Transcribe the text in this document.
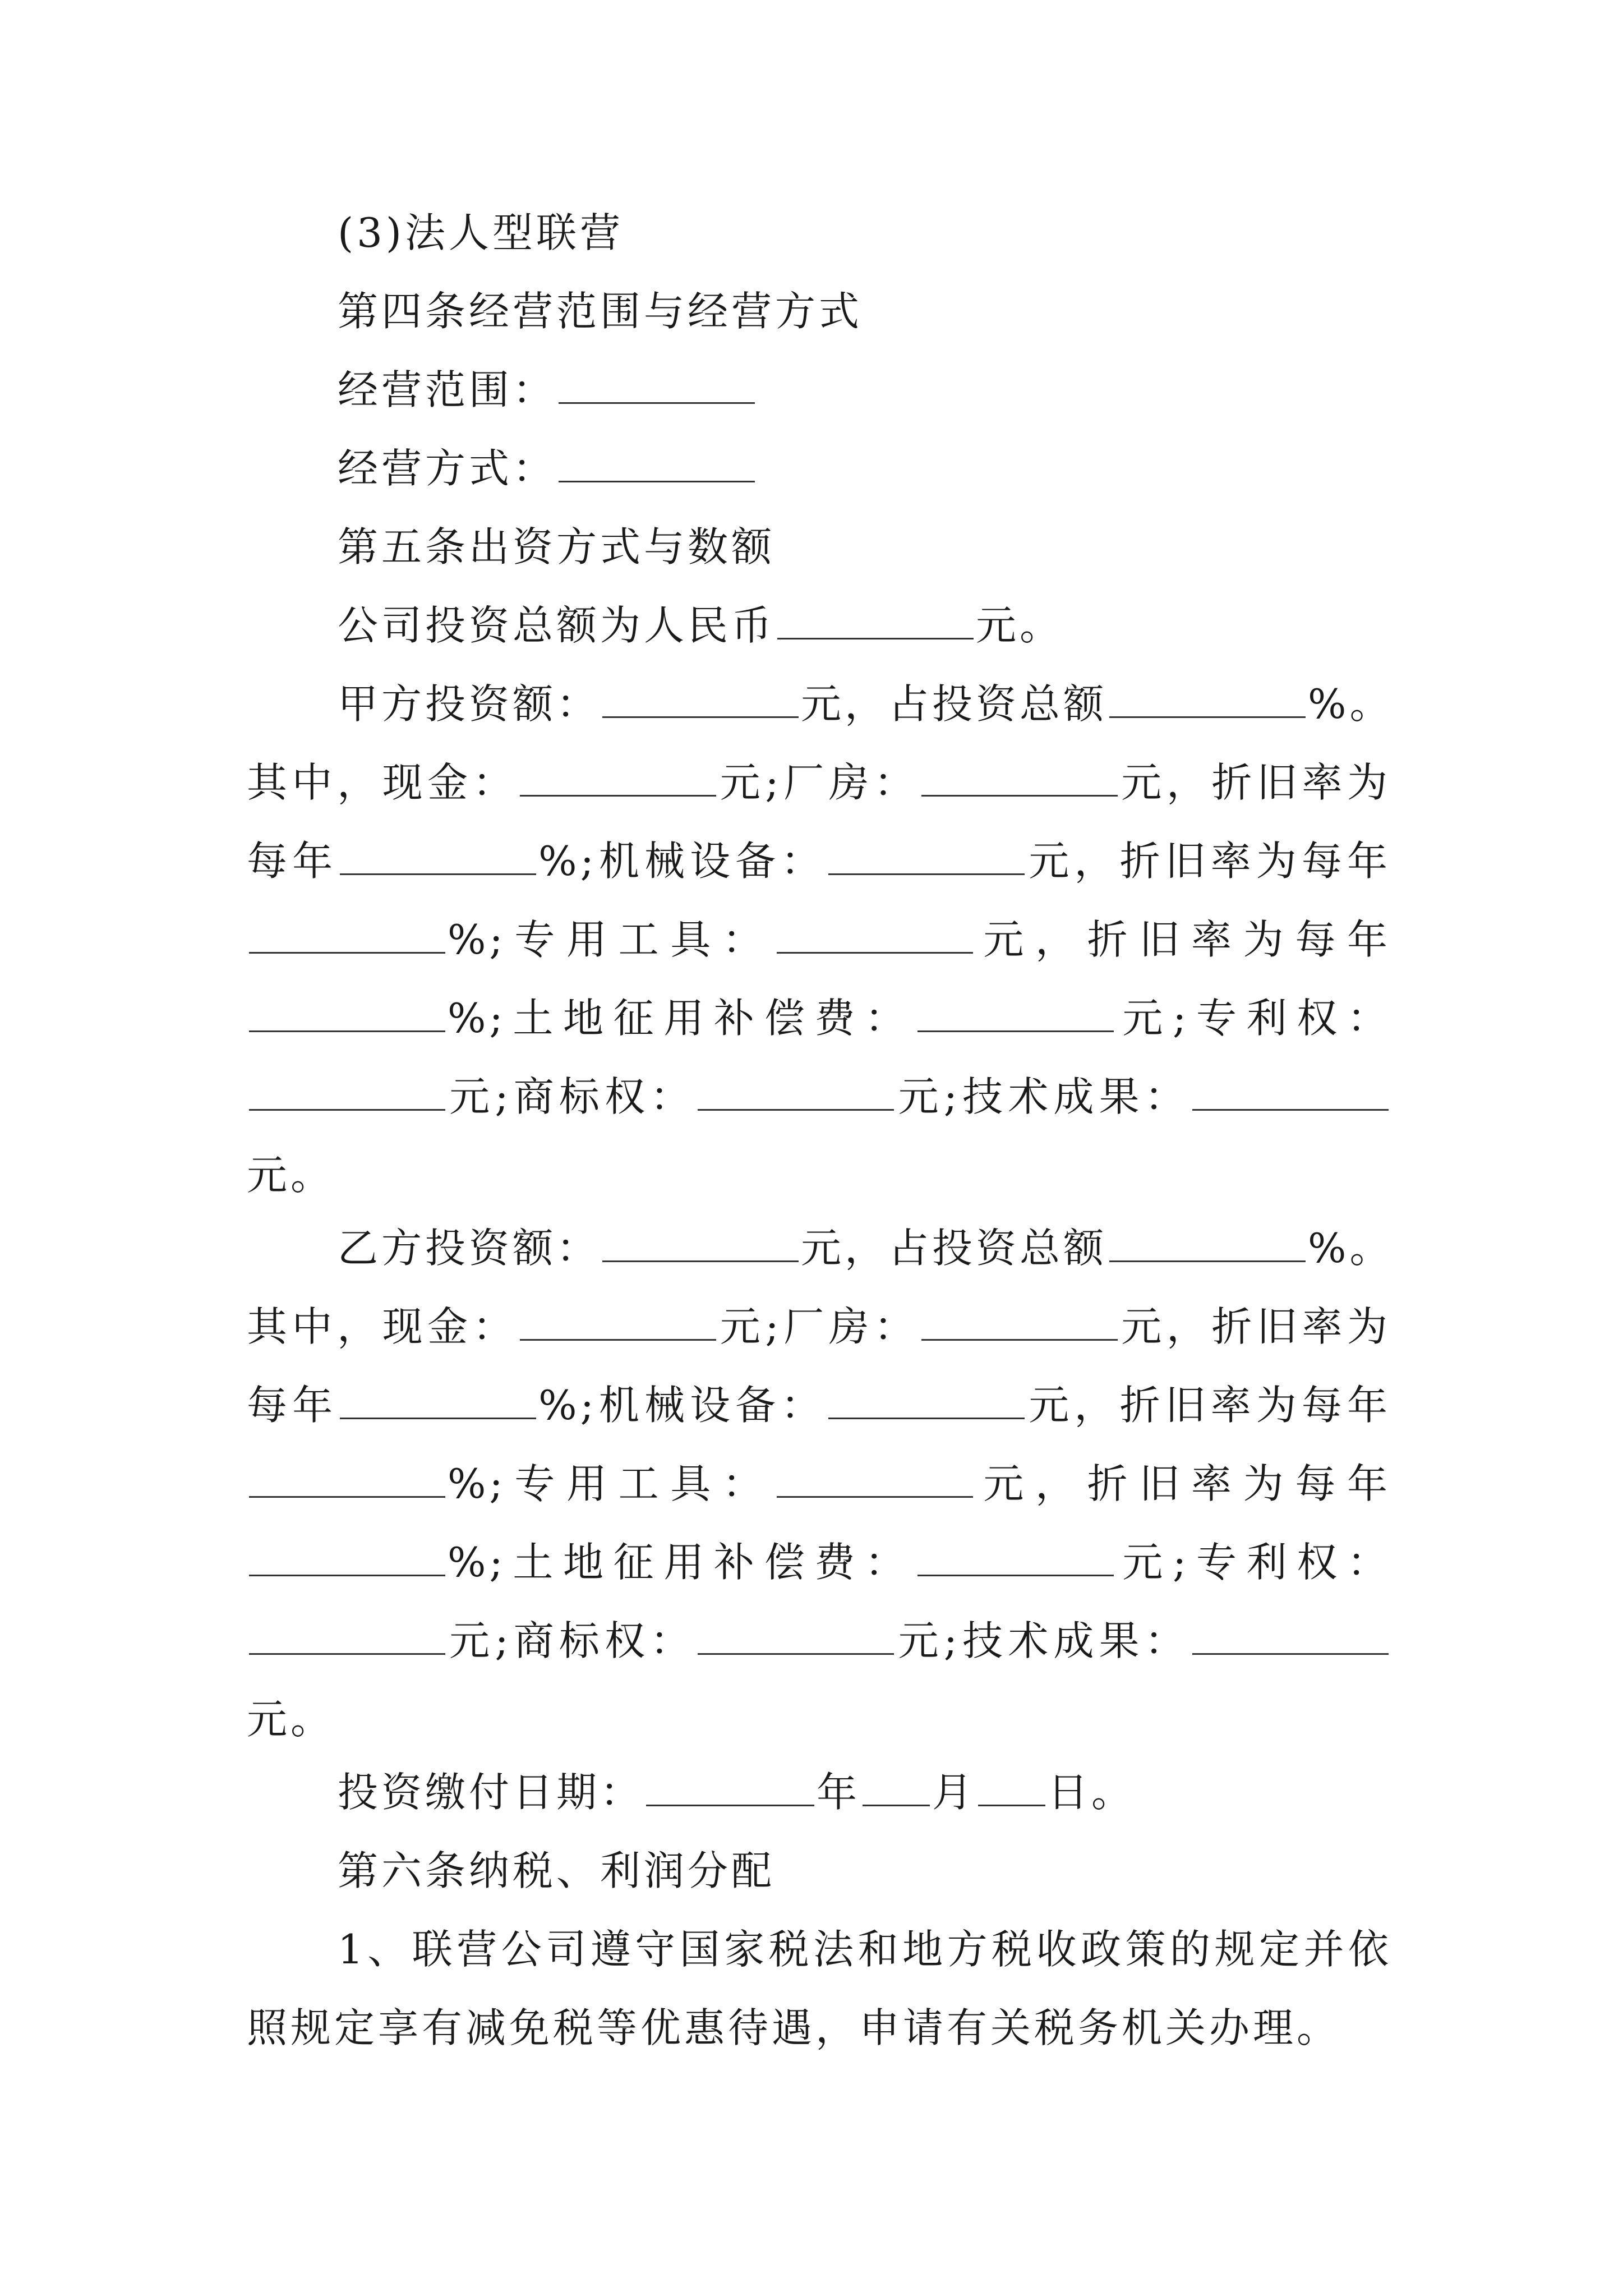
(3)法人型联营
第四条经营范围与经营方式
经营范围：
经营方式：
第五条出资方式与数额
公司投资总额为人民币	元。
甲方投资额：	元，占投资总额	%。
其中，现金：	元;厂房：	元，折旧率为
每年	%;机械设备：	元，折旧率为每年
%;专用工具：	元，折旧率为每年
%;土地征用补偿费：	元;专利权：
元;商标权：	元;技术成果：
元。
乙方投资额：	元，占投资总额	%。
其中，现金：	元;厂房：	元，折旧率为
每年	%;机械设备：	元，折旧率为每年
%;专用工具：	元，折旧率为每年
%;土地征用补偿费：	元;专利权：
元;商标权：	元;技术成果：
元。
投资缴付日期：	年 月 日。
第六条纳税、利润分配
1、联营公司遵守国家税法和地方税收政策的规定并依
照规定享有减免税等优惠待遇，申请有关税务机关办理。
